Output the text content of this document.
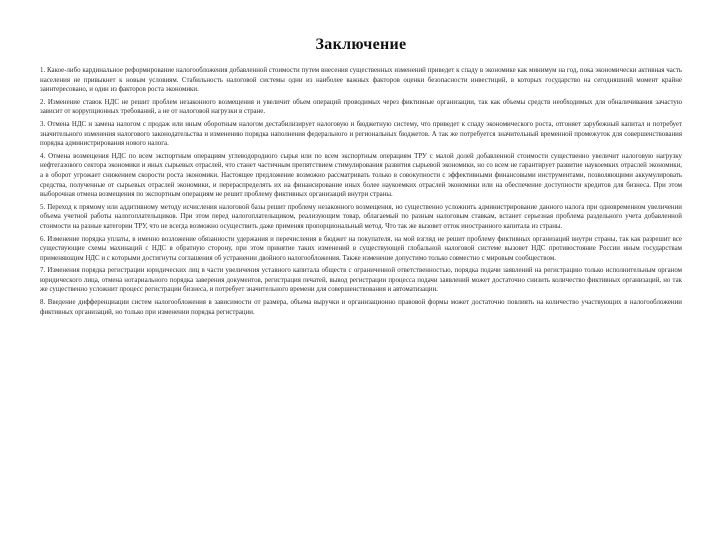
Заключение

1. Какое-либо кардинальное реформирование налогообложения добавленной стоимости путем внесения существенных изменений приведет к спаду в экономике как минимум на год, пока экономически активная часть населения не привыкнет к новым условиям. Стабильность налоговой системы одни из наиболее важных факторов оценки безопасности инвестиций, в которых государство на сегодняшний момент крайне заинтересовано, и один из факторов роста экономики.

2. Изменение ставок НДС не решит проблем незаконного возмещения и увеличит объем операций проводимых через фиктивные организации, так как объемы средств необходимых для обналичивания зачастую зависит от коррупционных требований, а не от налоговой нагрузки в стране.

3. Отмена НДС и замена налогом с продаж или иным оборотным налогом дестабилизирует налоговую и бюджетную систему, что приведет к спаду экономического роста, отгоняет зарубежный капитал и потребует значительного изменения налогового законодательства и изменению порядка наполнения федерального и региональных бюджетов. А так же потребуется значительный временной промежуток для совершенствования порядка администрирования нового налога.

4. Отмена возмещения НДС по всем экспортным операциям углеводородного сырья или по всем экспортным операциям ТРУ с малой долей добавленной стоимости существенно увеличит налоговую нагрузку нефтегазового сектора экономики и иных сырьевых отраслей, что станет частичным препятствием стимулирования развития сырьевой экономики, но со всем не гарантирует развитие наукоемких отраслей экономики, а в оборот угрожает снижением скорости роста экономики. Настоящее предложение возможно рассматривать только в совокупности с эффективными финансовыми инструментами, позволяющими аккумулировать средства, полученные от сырьевых отраслей экономики, и перераспределять их на финансирование иных более наукоемких отраслей экономики или на обеспечение доступности кредитов для бизнеса. При этом выборочная отмена возмещения по экспортным операциям не решит проблему фиктивных организаций внутри страны.

5. Переход к прямому или аддитивному методу исчисления налоговой базы решит проблему незаконного возмещения, но существенно усложнить администрирование данного налога при одновременном увеличении объема учетной работы налогоплательщиков. При этом перед налогоплательщиком, реализующим товар, облагаемый по разным налоговым ставкам, встанет серьезная проблема раздельного учета добавленной стоимости на разные категории ТРУ, что не всегда возможно осуществить даже применяя пропорциональный метод. Что так же вызовет отток иностранного капитала из страны.

6. Изменение порядка уплаты, в именно возложение обязанности удержания и перечисления в бюджет на покупателя, на мой взгляд не решит проблему фиктивных организаций внутри страны, так как разрешит все существующие схемы махинаций с НДС в обратную сторону, при этом принятие таких изменений в существующей глобальной налоговой системе вызовет НДС противостояние России иным государствам применяющим НДС и с которыми достигнуты соглашения об устранении двойного налогообложения. Также изменение допустимо только совместно с мировым сообществом.

7. Изменения порядка регистрации юридических лиц в части увеличения уставного капитала обществ с ограниченной ответственностью, порядка подачи заявлений на регистрацию только исполнительным органом юридического лица, отмена нотариального порядка заверения документов, регистрация печатей, вывод регистрации процесса подачи заявлений может достаточно снизить количество фиктивных организаций, но так же существенно усложнит процесс регистрации бизнеса, и потребует значительного времени для совершенствования и автоматизации.

8. Введение дифференциации систем налогообложения в зависимости от размера, объема выручки и организационно правовой формы может достаточно повлиять на количество участвующих в налогообложении фиктивных организаций, но только при изменении порядка регистрации.
